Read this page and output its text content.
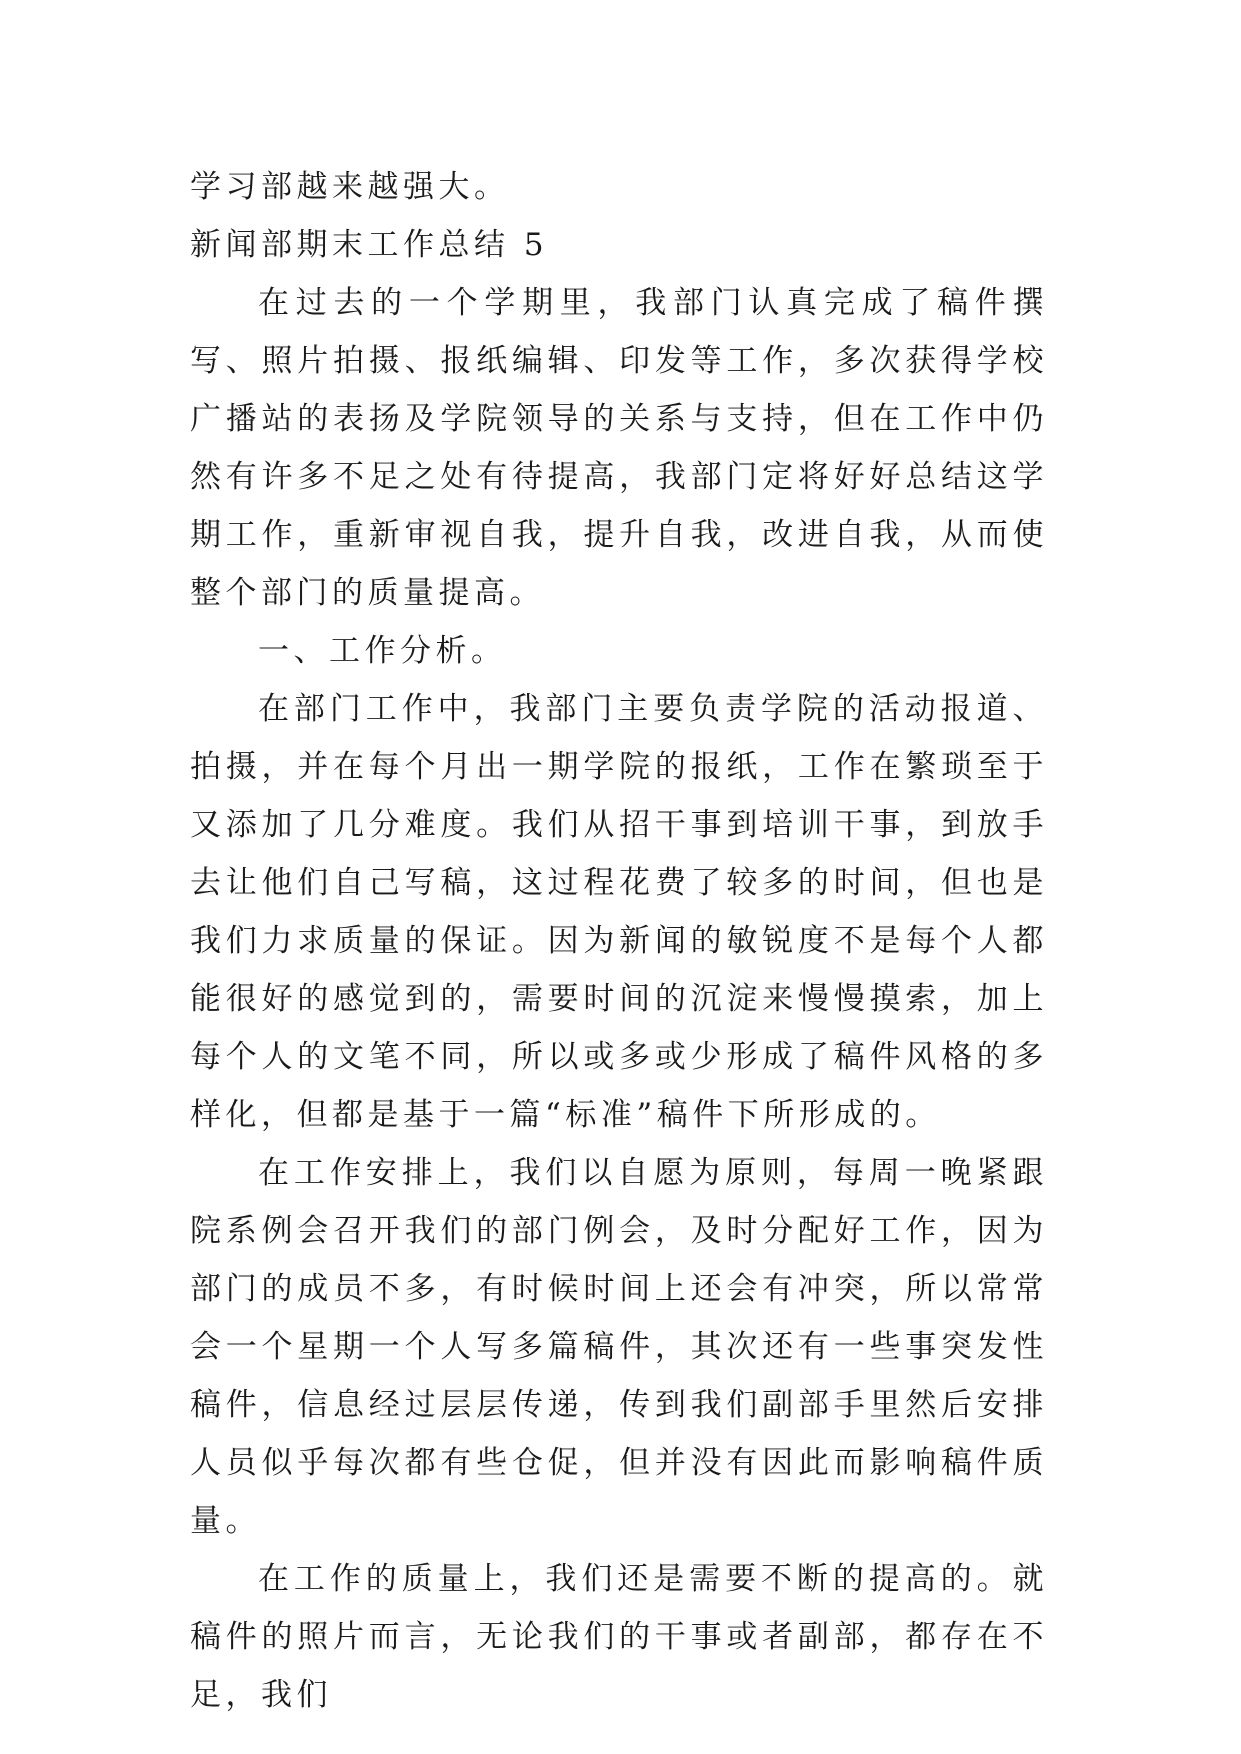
学习部越来越强大。

新闻部期末工作总结 5

在过去的一个学期里，我部门认真完成了稿件撰写、照片拍摄、报纸编辑、印发等工作，多次获得学校广播站的表扬及学院领导的关系与支持，但在工作中仍然有许多不足之处有待提高，我部门定将好好总结这学期工作，重新审视自我，提升自我，改进自我，从而使整个部门的质量提高。

一、工作分析。

在部门工作中，我部门主要负责学院的活动报道、拍摄，并在每个月出一期学院的报纸，工作在繁琐至于又添加了几分难度。我们从招干事到培训干事，到放手去让他们自己写稿，这过程花费了较多的时间，但也是我们力求质量的保证。因为新闻的敏锐度不是每个人都能很好的感觉到的，需要时间的沉淀来慢慢摸索，加上每个人的文笔不同，所以或多或少形成了稿件风格的多样化，但都是基于一篇“标准”稿件下所形成的。

在工作安排上，我们以自愿为原则，每周一晚紧跟院系例会召开我们的部门例会，及时分配好工作，因为部门的成员不多，有时候时间上还会有冲突，所以常常会一个星期一个人写多篇稿件，其次还有一些事突发性稿件，信息经过层层传递，传到我们副部手里然后安排人员似乎每次都有些仓促，但并没有因此而影响稿件质量。

在工作的质量上，我们还是需要不断的提高的。就稿件的照片而言，无论我们的干事或者副部，都存在不足，我们
